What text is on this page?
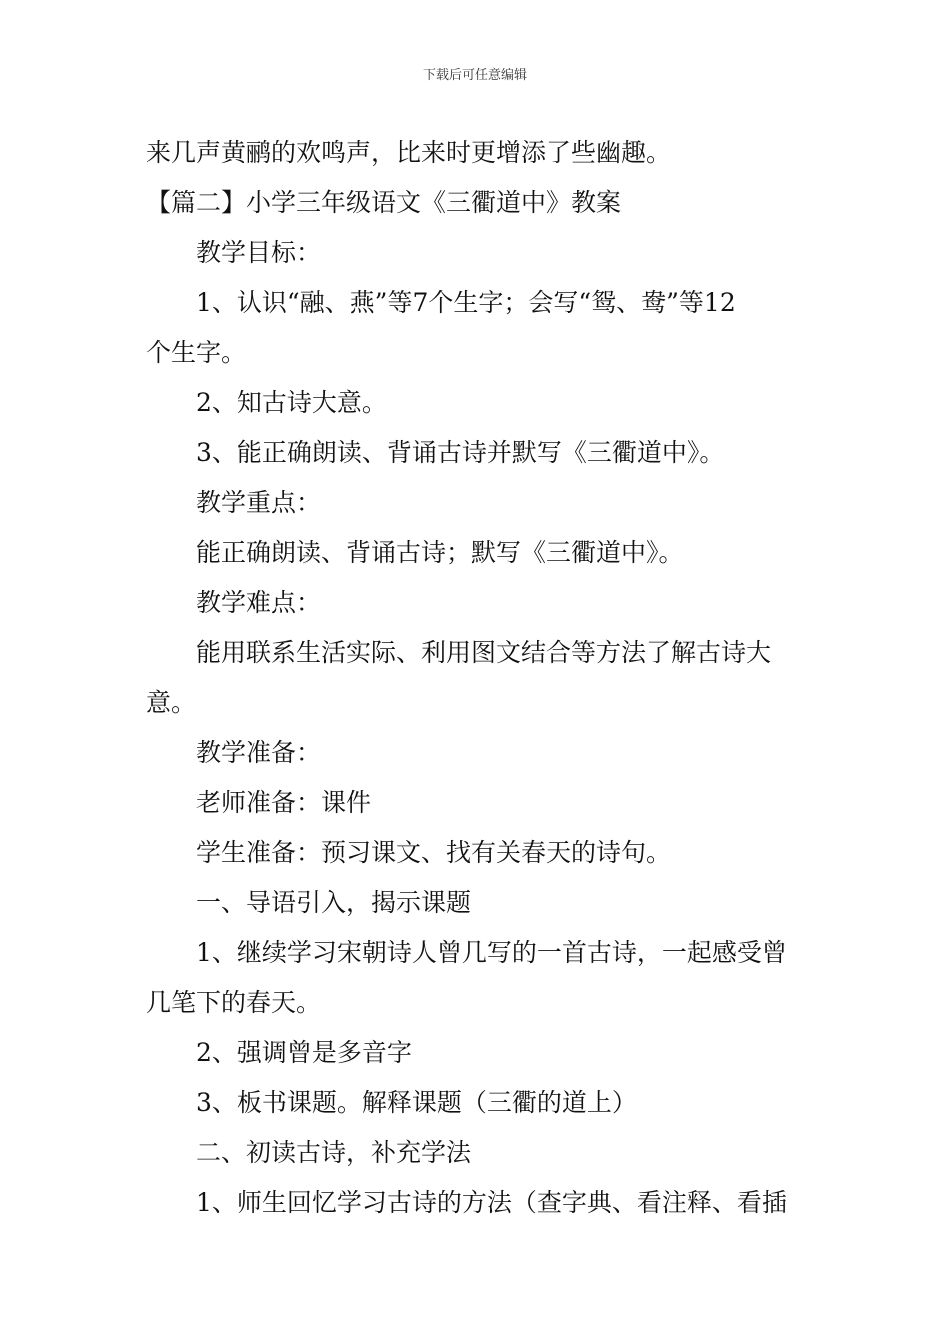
下载后可任意编辑
来几声黄鹂的欢鸣声，比来时更增添了些幽趣。
【篇二】小学三年级语文《三衢道中》教案
教学目标：
1、认识“融、燕”等7个生字；会写“鸳、鸯”等12
个生字。
2、知古诗大意。
3、能正确朗读、背诵古诗并默写《三衢道中》。
教学重点：
能正确朗读、背诵古诗；默写《三衢道中》。
教学难点：
能用联系生活实际、利用图文结合等方法了解古诗大
意。
教学准备：
老师准备：课件
学生准备：预习课文、找有关春天的诗句。
一、导语引入，揭示课题
1、继续学习宋朝诗人曾几写的一首古诗，一起感受曾
几笔下的春天。
2、强调曾是多音字
3、板书课题。解释课题（三衢的道上）
二、初读古诗，补充学法
1、师生回忆学习古诗的方法（查字典、看注释、看插
